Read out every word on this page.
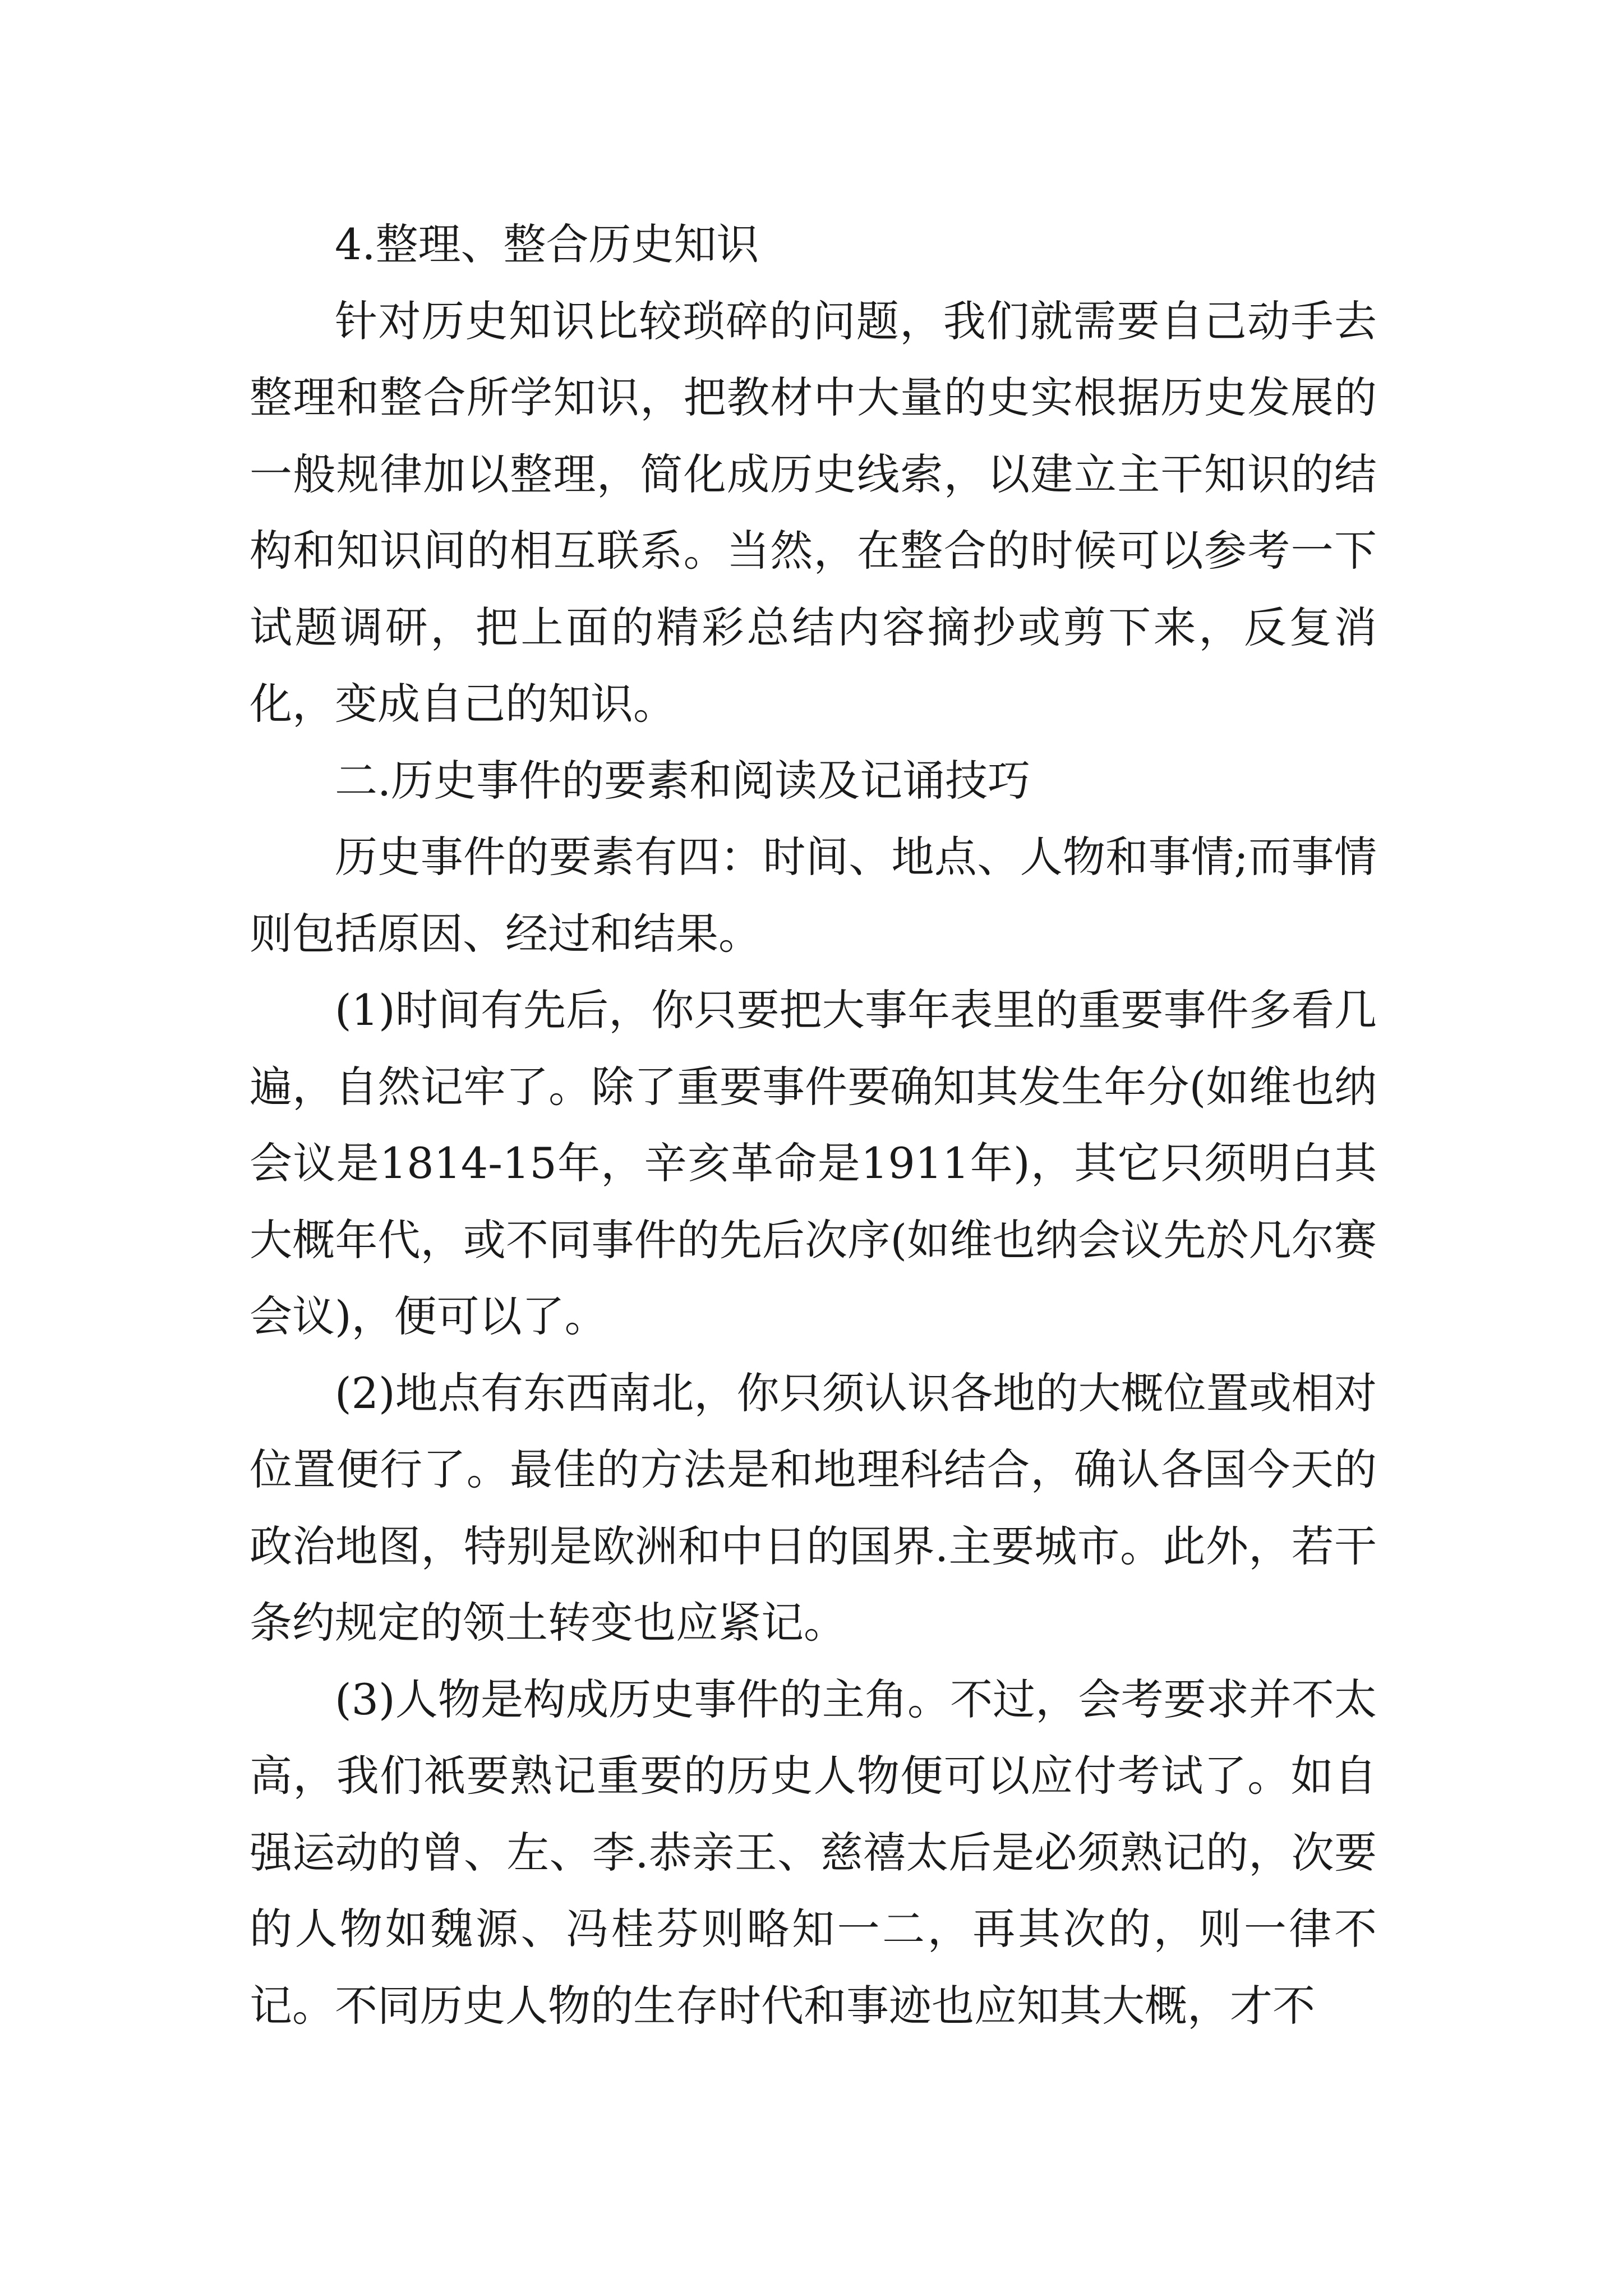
4.整理、整合历史知识

针对历史知识比较琐碎的问题，我们就需要自己动手去整理和整合所学知识，把教材中大量的史实根据历史发展的一般规律加以整理，简化成历史线索，以建立主干知识的结构和知识间的相互联系。当然，在整合的时候可以参考一下试题调研，把上面的精彩总结内容摘抄或剪下来，反复消化，变成自己的知识。

二.历史事件的要素和阅读及记诵技巧

历史事件的要素有四：时间、地点、人物和事情;而事情则包括原因、经过和结果。

(1)时间有先后，你只要把大事年表里的重要事件多看几遍，自然记牢了。除了重要事件要确知其发生年分(如维也纳会议是1814-15年，辛亥革命是1911年)，其它只须明白其大概年代，或不同事件的先后次序(如维也纳会议先於凡尔赛会议)，便可以了。

(2)地点有东西南北，你只须认识各地的大概位置或相对位置便行了。最佳的方法是和地理科结合，确认各国今天的政治地图，特别是欧洲和中日的国界.主要城市。此外，若干条约规定的领土转变也应紧记。

(3)人物是构成历史事件的主角。不过，会考要求并不太高，我们衹要熟记重要的历史人物便可以应付考试了。如自强运动的曾、左、李.恭亲王、慈禧太后是必须熟记的，次要的人物如魏源、冯桂芬则略知一二，再其次的，则一律不记。不同历史人物的生存时代和事迹也应知其大概，才不
